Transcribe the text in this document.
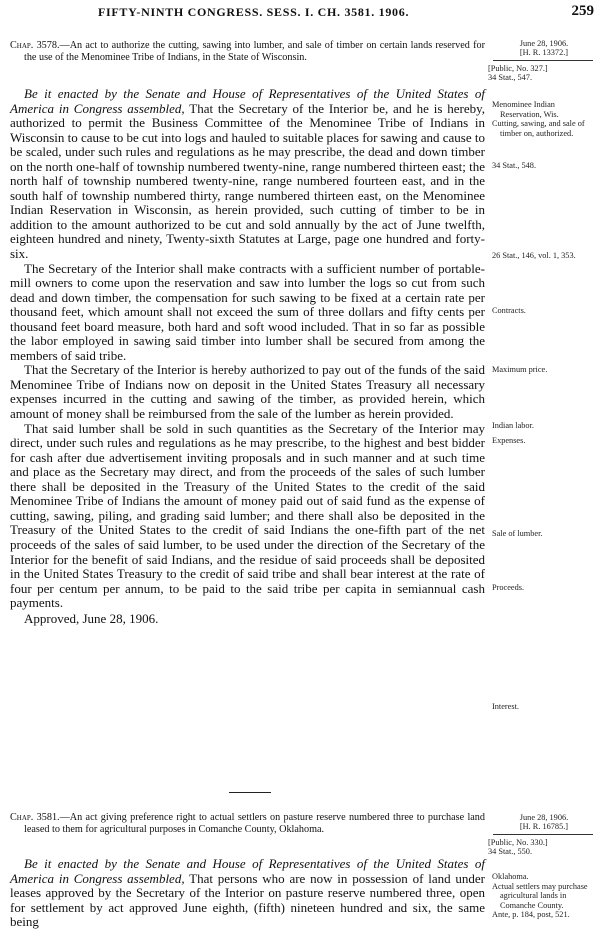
FIFTY-NINTH CONGRESS. SESS. I. CH. 3581. 1906.	259

Chap. 3578.—An act to authorize the cutting, sawing into lumber, and sale of timber on certain lands reserved for the use of the Menominee Tribe of Indians, in the State of Wisconsin.

Be it enacted by the Senate and House of Representatives of the United States of America in Congress assembled, That the Secretary of the Interior be, and he is hereby, authorized to permit the Business Committee of the Menominee Tribe of Indians in Wisconsin to cause to be cut into logs and hauled to suitable places for sawing and cause to be scaled, under such rules and regulations as he may prescribe, the dead and down timber on the north one-half of township numbered twenty-nine, range numbered thirteen east; the north half of township numbered twenty-nine, range numbered fourteen east, and in the south half of township numbered thirty, range numbered thirteen east, on the Menominee Indian Reservation in Wisconsin, as herein provided, such cutting of timber to be in addition to the amount authorized to be cut and sold annually by the act of June twelfth, eighteen hundred and ninety, Twenty-sixth Statutes at Large, page one hundred and forty-six.

The Secretary of the Interior shall make contracts with a sufficient number of portable-mill owners to come upon the reservation and saw into lumber the logs so cut from such dead and down timber, the compensation for such sawing to be fixed at a certain rate per thousand feet, which amount shall not exceed the sum of three dollars and fifty cents per thousand feet board measure, both hard and soft wood included. That in so far as possible the labor employed in sawing said timber into lumber shall be secured from among the members of said tribe.

That the Secretary of the Interior is hereby authorized to pay out of the funds of the said Menominee Tribe of Indians now on deposit in the United States Treasury all necessary expenses incurred in the cutting and sawing of the timber, as provided herein, which amount of money shall be reimbursed from the sale of the lumber as herein provided.

That said lumber shall be sold in such quantities as the Secretary of the Interior may direct, under such rules and regulations as he may prescribe, to the highest and best bidder for cash after due advertisement inviting proposals and in such manner and at such time and place as the Secretary may direct, and from the proceeds of the sales of such lumber there shall be deposited in the Treasury of the United States to the credit of the said Menominee Tribe of Indians the amount of money paid out of said fund as the expense of cutting, sawing, piling, and grading said lumber; and there shall also be deposited in the Treasury of the United States to the credit of said Indians the one-fifth part of the net proceeds of the sales of said lumber, to be used under the direction of the Secretary of the Interior for the benefit of said Indians, and the residue of said proceeds shall be deposited in the United States Treasury to the credit of said tribe and shall bear interest at the rate of four per centum per annum, to be paid to the said tribe per capita in semiannual cash payments.

Approved, June 28, 1906.

Chap. 3581.—An act giving preference right to actual settlers on pasture reserve numbered three to purchase land leased to them for agricultural purposes in Comanche County, Oklahoma.

Be it enacted by the Senate and House of Representatives of the United States of America in Congress assembled, That persons who are now in possession of land under leases approved by the Secretary of the Interior on pasture reserve numbered three, open for settlement by act approved June eighth, (fifth) nineteen hundred and six, the same being

June 28, 1906.
[H. R. 13372.]
[Public, No. 327.]
34 Stat., 547.
Menominee Indian Reservation, Wis.
Cutting, sawing, and sale of timber on, authorized.
34 Stat., 548.
26 Stat., 146, vol. 1, 353.
Contracts.
Maximum price.
Indian labor.
Expenses.
Sale of lumber.
Proceeds.
Interest.
June 28, 1906.
[H. R. 16785.]
[Public, No. 330.]
34 Stat., 550.
Oklahoma.
Actual settlers may purchase agricultural lands in Comanche County.
Ante, p. 184, post, 521.
